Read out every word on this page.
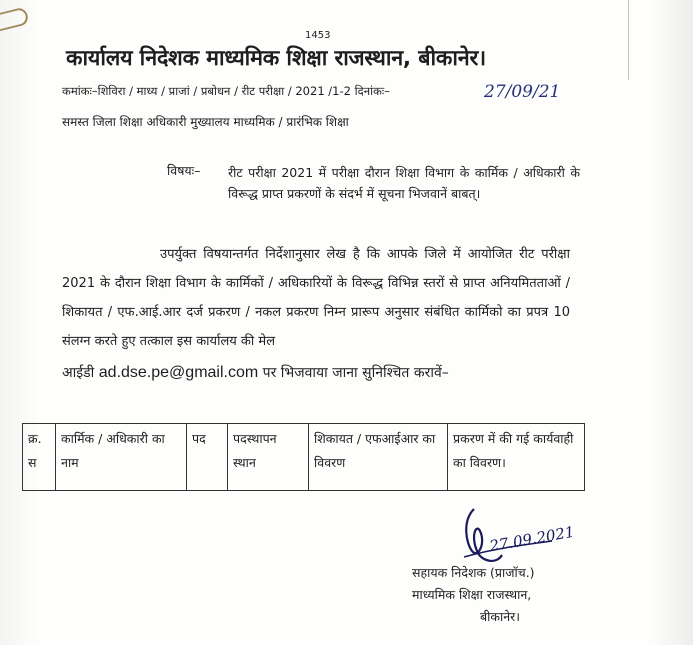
1453
कार्यालय निदेशक माध्यमिक शिक्षा राजस्थान, बीकानेर।
कमांकः–शिविरा / माध्य / प्राजां / प्रबोधन / रीट परीक्षा / 2021 /1-2 दिनांकः–	27/09/21
समस्त जिला शिक्षा अधिकारी मुख्यालय माध्यमिक / प्रारंभिक शिक्षा
विषयः– रीट परीक्षा 2021 में परीक्षा दौरान शिक्षा विभाग के कार्मिक / अधिकारी के विरूद्ध प्राप्त प्रकरणों के संदर्भ में सूचना भिजवानें बाबत्।
उपर्युक्त विषयान्तर्गत निर्देशानुसार लेख है कि आपके जिले में आयोजित रीट परीक्षा 2021 के दौरान शिक्षा विभाग के कार्मिकों / अधिकारियों के विरूद्ध विभिन्न स्तरों से प्राप्त अनियमितताओं / शिकायत / एफ.आई.आर दर्ज प्रकरण / नकल प्रकरण निम्न प्रारूप अनुसार संबंधित कार्मिको का प्रपत्र 10 संलग्न करते हुए तत्काल इस कार्यालय की मेल
आईडी ad.dse.pe@gmail.com पर भिजवाया जाना सुनिश्चित करावें–
क्र. स	कार्मिक / अधिकारी का नाम	पद	पदस्थापन स्थान	शिकायत / एफआईआर का विवरण	प्रकरण में की गई कार्यवाही का विवरण।
27.09.2021
सहायक निदेशक (प्राजॉच.)
माध्यमिक शिक्षा राजस्थान,
बीकानेर।
